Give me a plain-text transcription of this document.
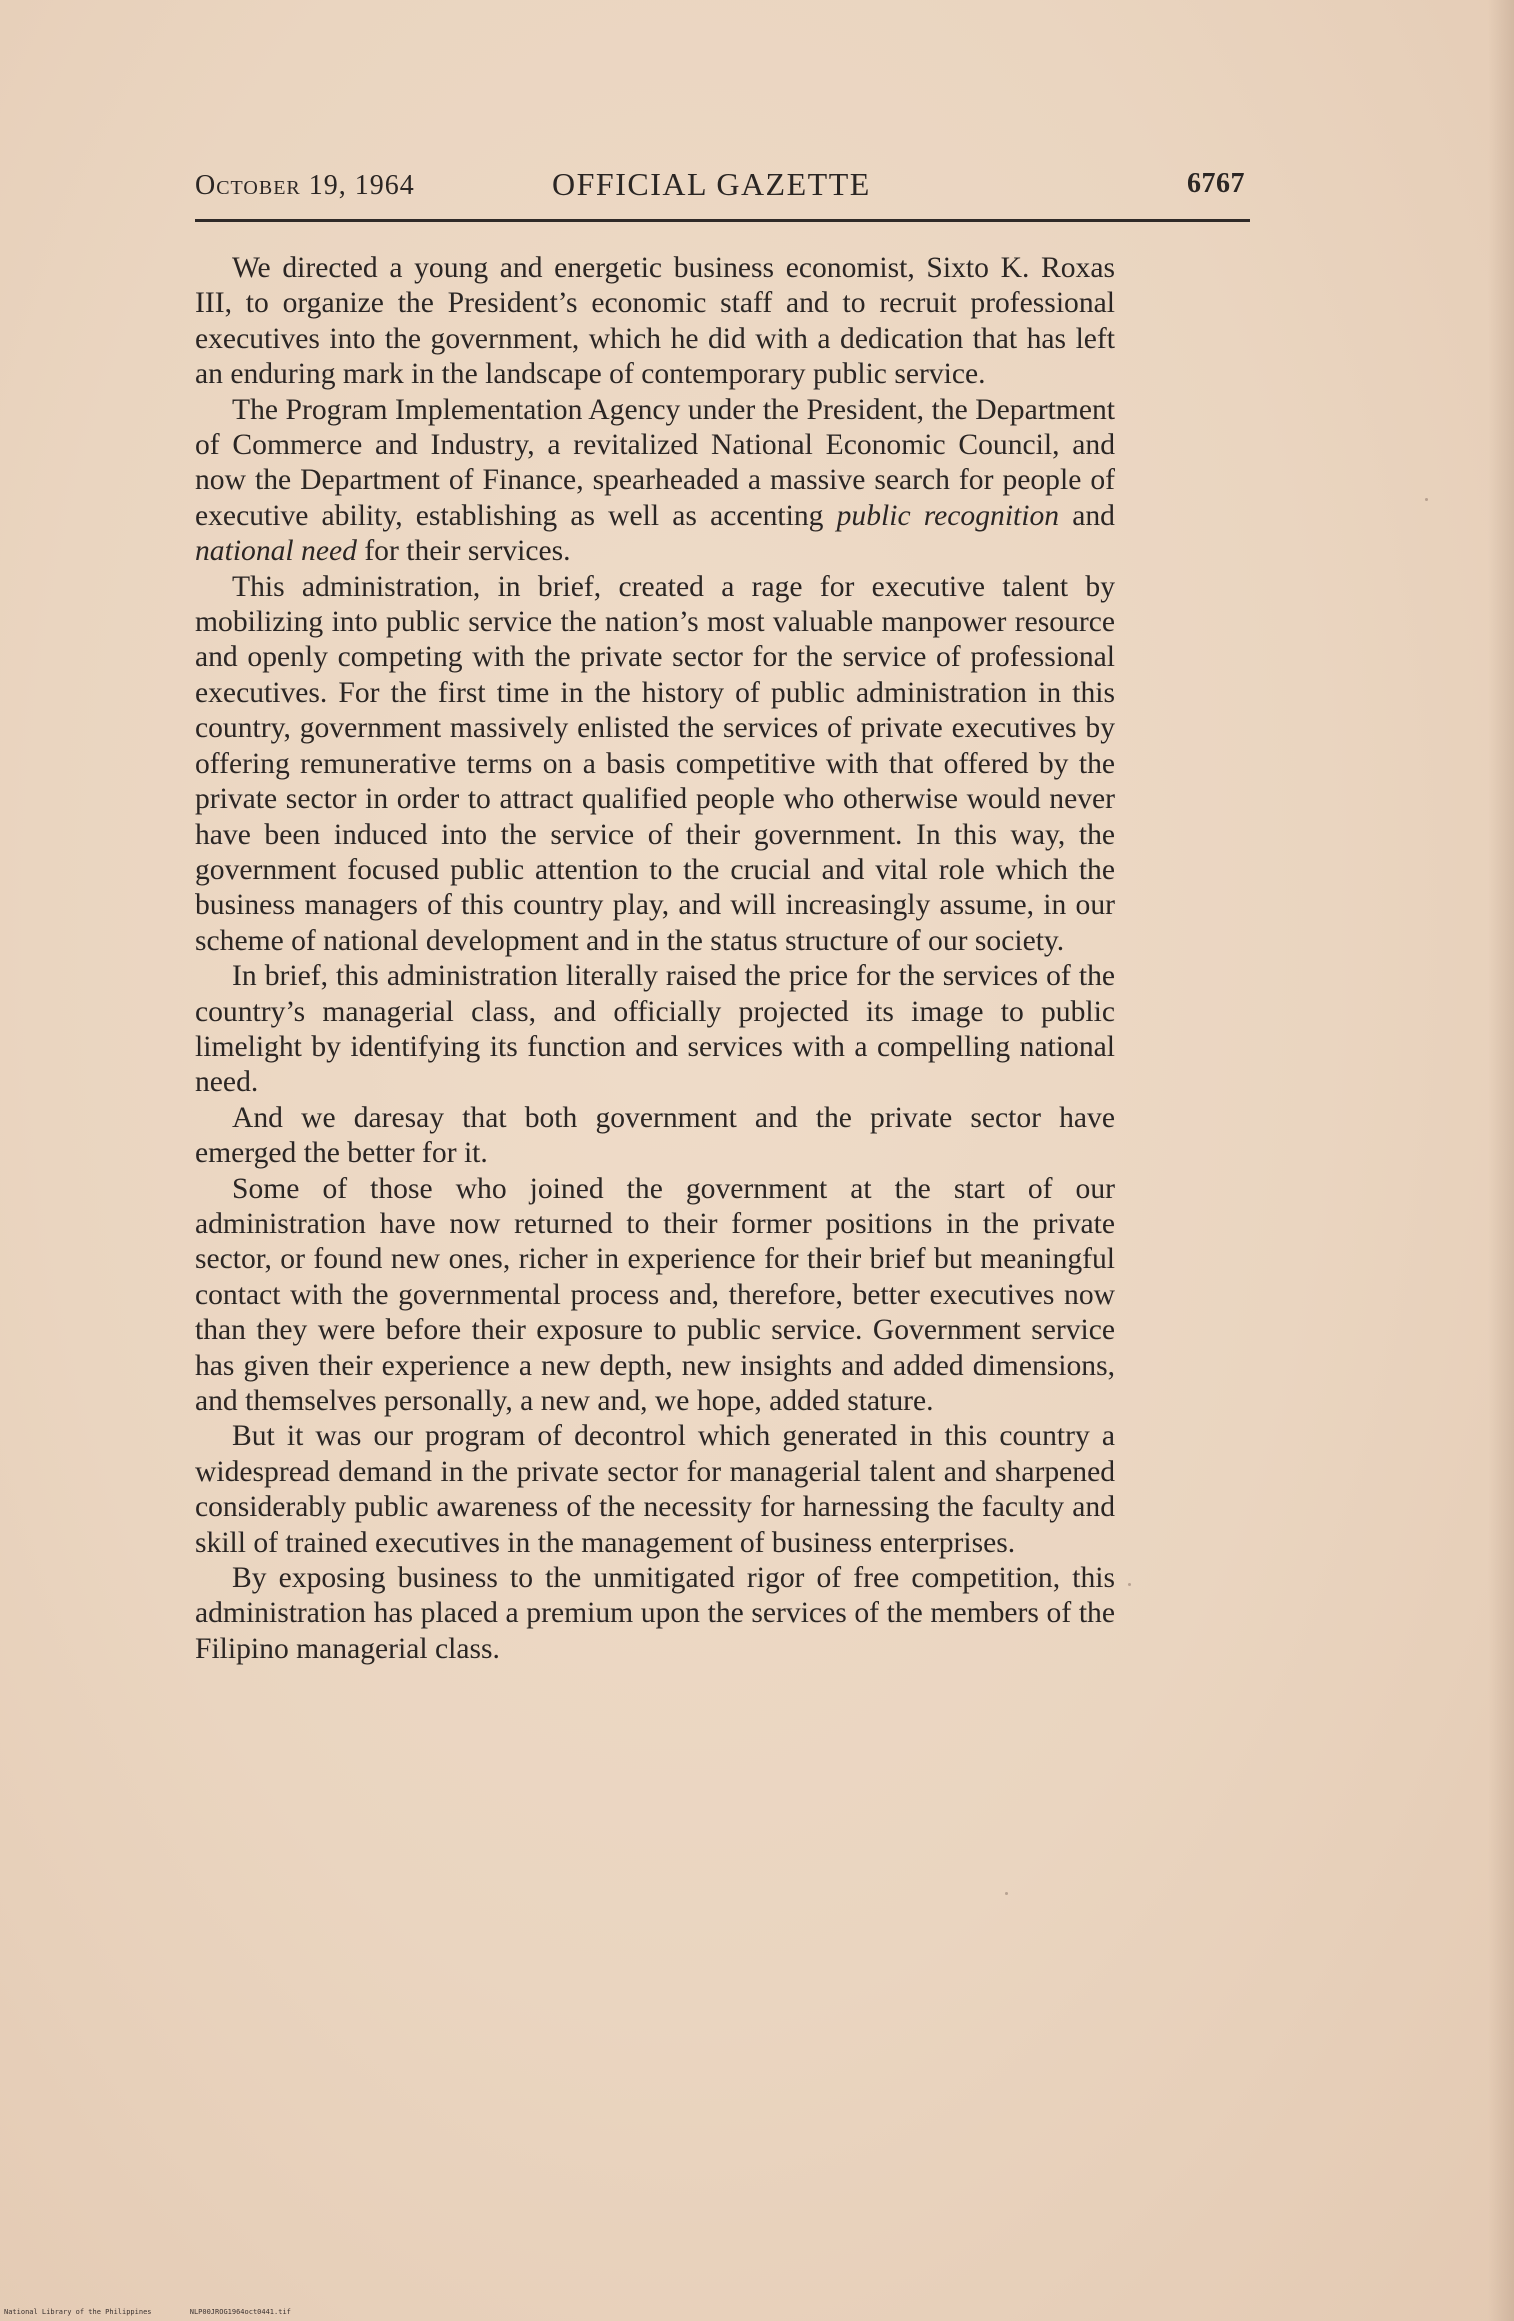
October 19, 1964	OFFICIAL GAZETTE	6767

We directed a young and energetic business economist, Sixto K. Roxas III, to organize the President’s economic staff and to recruit professional executives into the government, which he did with a dedication that has left an enduring mark in the landscape of contemporary public service.

The Program Implementation Agency under the President, the Department of Commerce and Industry, a revitalized National Economic Council, and now the Department of Finance, spearheaded a massive search for people of executive ability, establishing as well as accenting public recognition and national need for their services.

This administration, in brief, created a rage for executive talent by mobilizing into public service the nation’s most valuable manpower resource and openly competing with the private sector for the service of professional executives. For the first time in the history of public administration in this country, government massively enlisted the services of private executives by offering remunerative terms on a basis competitive with that offered by the private sector in order to attract qualified people who otherwise would never have been induced into the service of their government. In this way, the government focused public attention to the crucial and vital role which the business managers of this country play, and will increasingly assume, in our scheme of national development and in the status structure of our society.

In brief, this administration literally raised the price for the services of the country’s managerial class, and officially projected its image to public limelight by identifying its function and services with a compelling national need.

And we daresay that both government and the private sector have emerged the better for it.

Some of those who joined the government at the start of our administration have now returned to their former positions in the private sector, or found new ones, richer in experience for their brief but meaningful contact with the governmental process and, therefore, better executives now than they were before their exposure to public service. Government service has given their experience a new depth, new insights and added dimensions, and themselves personally, a new and, we hope, added stature.

But it was our program of decontrol which generated in this country a widespread demand in the private sector for managerial talent and sharpened considerably public awareness of the necessity for harnessing the faculty and skill of trained executives in the management of business enterprises.

By exposing business to the unmitigated rigor of free competition, this administration has placed a premium upon the services of the members of the Filipino managerial class.

National Library of the Philippines	NLP00JROG1964oct0441.tif
